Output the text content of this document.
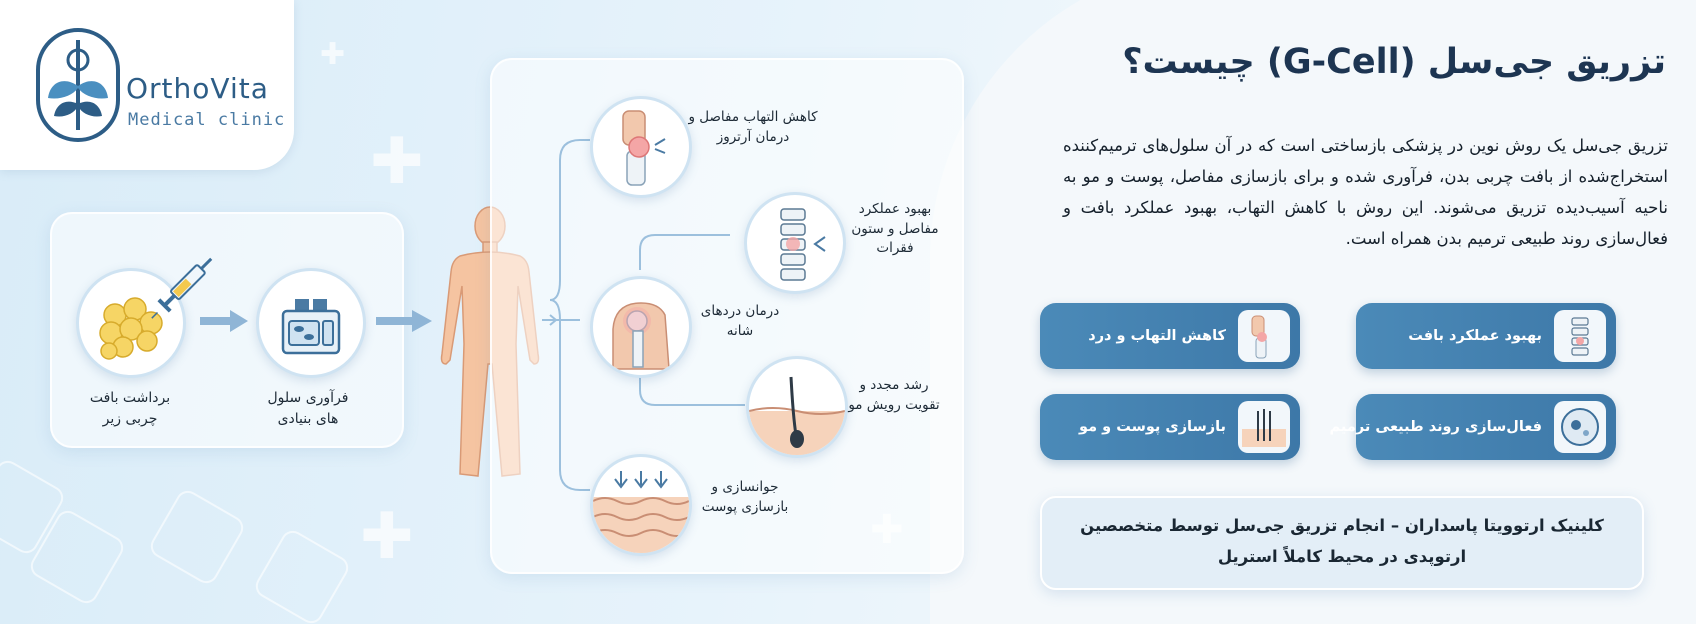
✚
✚
✚
OrthoVita
Medical clinic
برداشت بافت چربی زیر
فرآوری سلول های بنیادی
کاهش التهاب مفاصل و درمان آرتروز
بهبود عملکرد مفاصل و ستون فقرات
درمان دردهای شانه
رشد مجدد و تقویت رویش مو
جوانسازی و بازسازی پوست
تزریق جی‌سل (G-Cell) چیست؟
تزریق جی‌سل یک روش نوین در پزشکی بازساختی است که در آن سلول‌های ترمیم‌کننده استخراج‌شده از بافت چربی بدن، فرآوری شده و برای بازسازی مفاصل، پوست و مو به ناحیه آسیب‌دیده تزریق می‌شوند. این روش با کاهش التهاب، بهبود عملکرد بافت و فعال‌سازی روند طبیعی ترمیم بدن همراه است.
بهبود عملکرد بافت
کاهش التهاب و درد
فعال‌سازی روند طبیعی ترمیم
بازسازی پوست و مو
کلینیک ارتوویتا پاسداران – انجام تزریق جی‌سل توسط متخصصین ارتوپدی در محیط کاملاً استریل
